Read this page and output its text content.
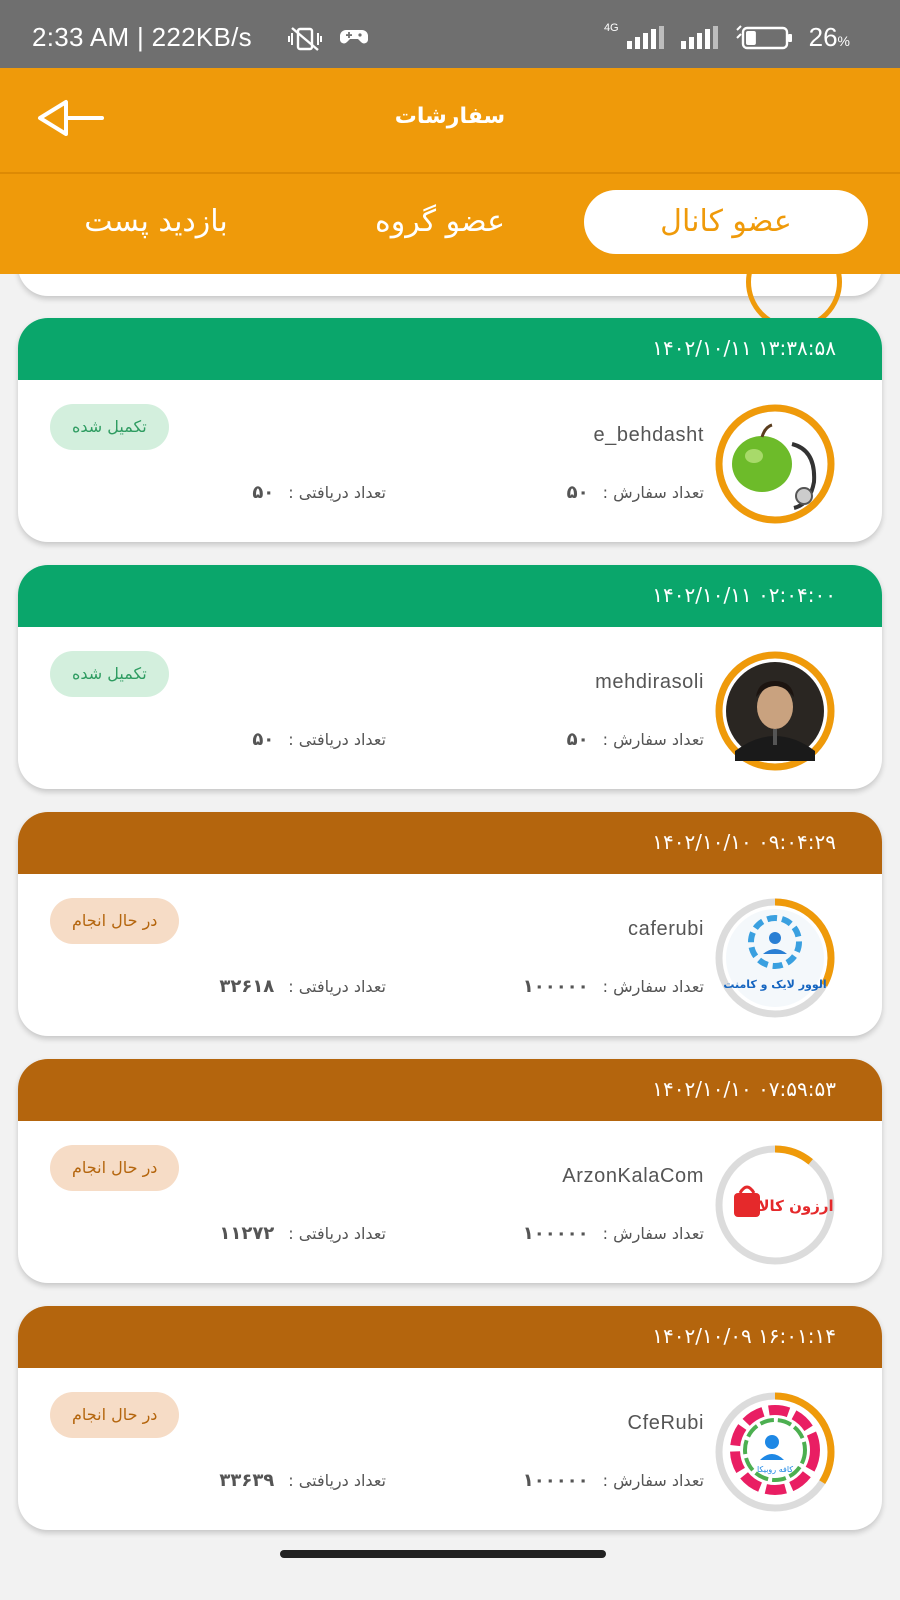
2:33 AM | 222KB/s	4G	26%
سفارشات
عضو کانال
عضو گروه
بازدید پست
۱۴۰۲/۱۰/۱۱ ۱۳:۳۸:۵۸
e_behdasht
تکمیل شده
تعداد سفارش :۵۰
تعداد دریافتی :۵۰
۱۴۰۲/۱۰/۱۱ ۰۲:۰۴:۰۰
mehdirasoli
تکمیل شده
تعداد سفارش :۵۰
تعداد دریافتی :۵۰
۱۴۰۲/۱۰/۱۰ ۰۹:۰۴:۲۹
الوور لایک و کامنت
caferubi
در حال انجام
تعداد سفارش :۱۰۰۰۰۰
تعداد دریافتی :۳۲۶۱۸
۱۴۰۲/۱۰/۱۰ ۰۷:۵۹:۵۳
ارزون کالا
ArzonKalaCom
در حال انجام
تعداد سفارش :۱۰۰۰۰۰
تعداد دریافتی :۱۱۲۷۲
۱۴۰۲/۱۰/۰۹ ۱۶:۰۱:۱۴
کافه روبیکا
CfeRubi
در حال انجام
تعداد سفارش :۱۰۰۰۰۰
تعداد دریافتی :۳۳۶۳۹
